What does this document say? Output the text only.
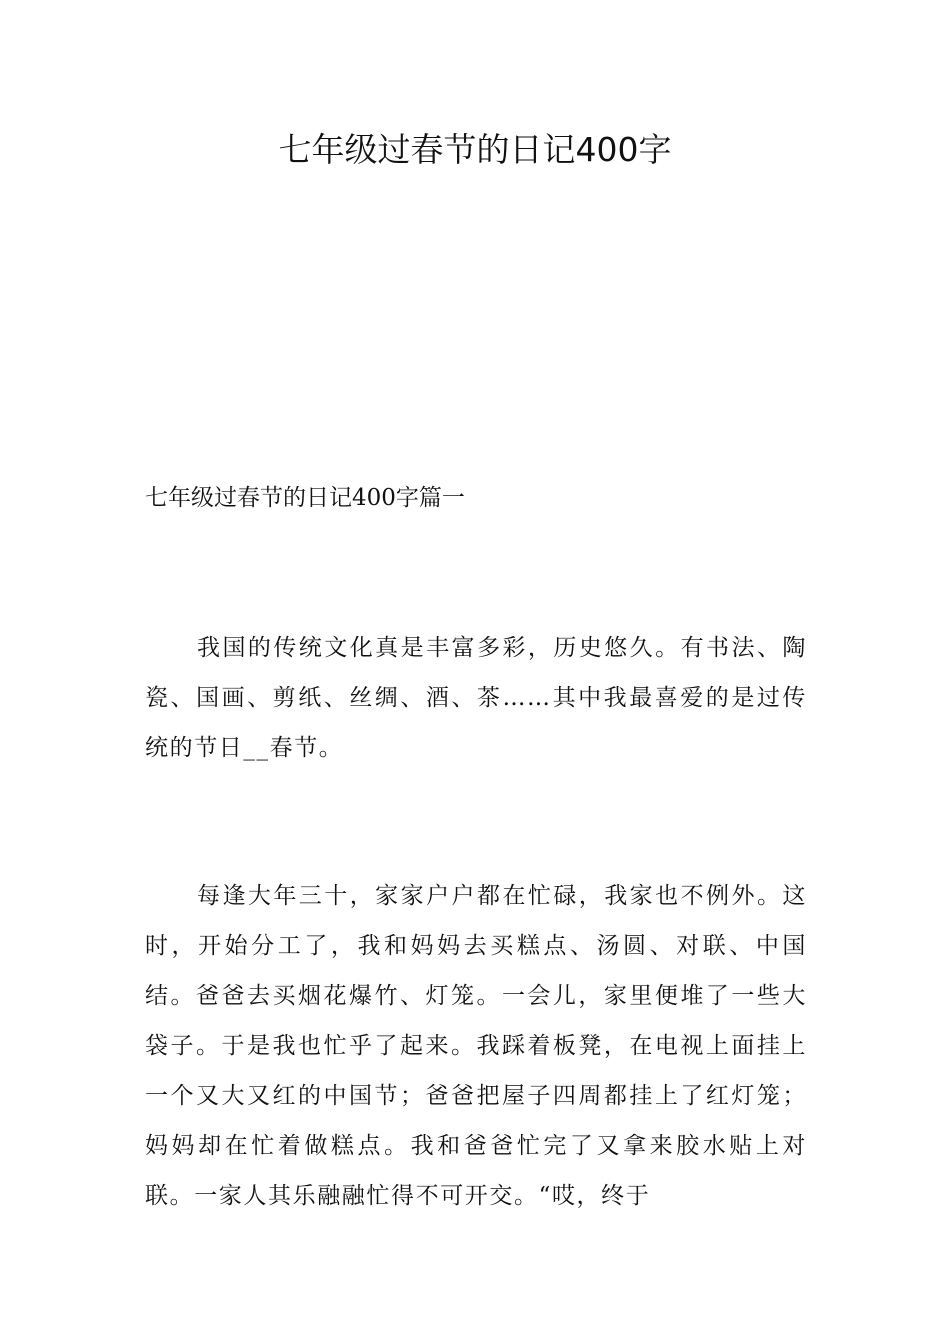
七年级过春节的日记400字
七年级过春节的日记400字篇一

我国的传统文化真是丰富多彩，历史悠久。有书法、陶瓷、国画、剪纸、丝绸、酒、茶……其中我最喜爱的是过传统的节日__春节。

每逢大年三十，家家户户都在忙碌，我家也不例外。这时，开始分工了，我和妈妈去买糕点、汤圆、对联、中国结。爸爸去买烟花爆竹、灯笼。一会儿，家里便堆了一些大袋子。于是我也忙乎了起来。我踩着板凳，在电视上面挂上一个又大又红的中国节；爸爸把屋子四周都挂上了红灯笼；妈妈却在忙着做糕点。我和爸爸忙完了又拿来胶水贴上对联。一家人其乐融融忙得不可开交。“哎，终于
